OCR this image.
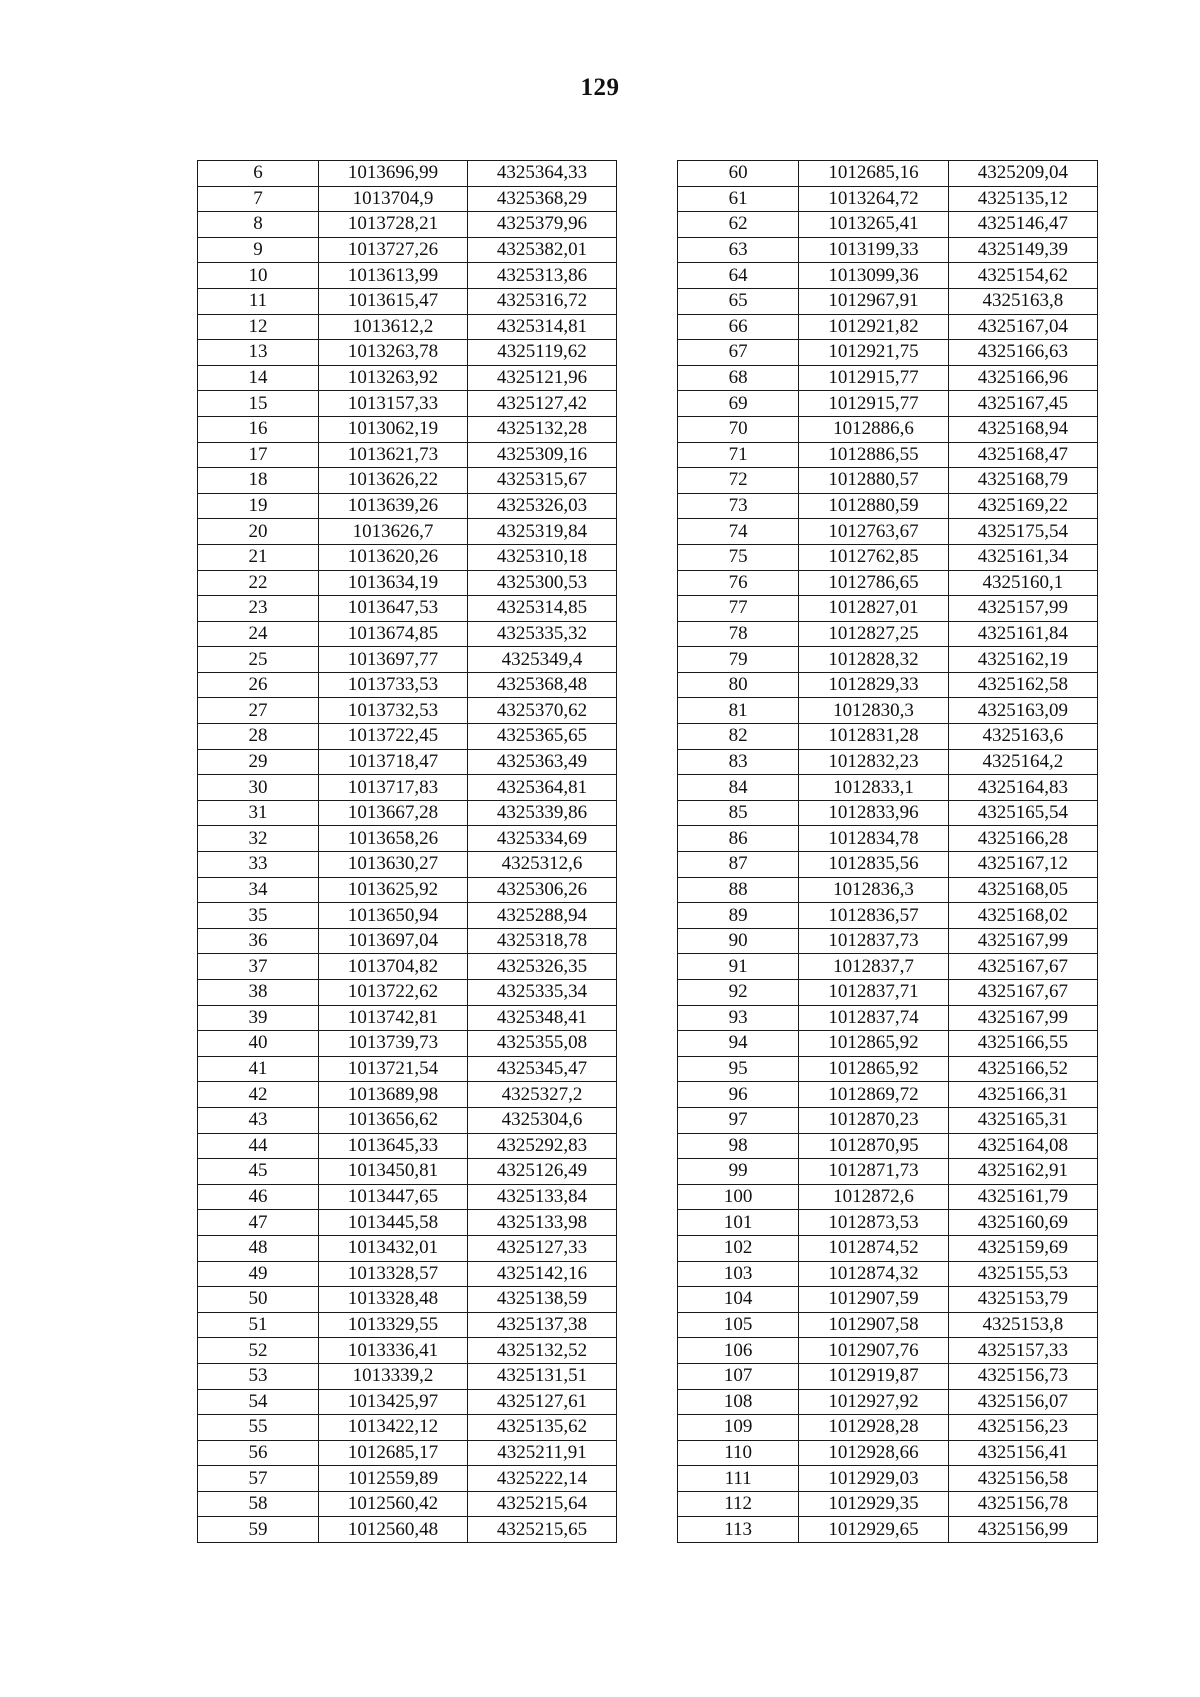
129
6	1013696,99	4325364,33
7	1013704,9	4325368,29
8	1013728,21	4325379,96
9	1013727,26	4325382,01
10	1013613,99	4325313,86
11	1013615,47	4325316,72
12	1013612,2	4325314,81
13	1013263,78	4325119,62
14	1013263,92	4325121,96
15	1013157,33	4325127,42
16	1013062,19	4325132,28
17	1013621,73	4325309,16
18	1013626,22	4325315,67
19	1013639,26	4325326,03
20	1013626,7	4325319,84
21	1013620,26	4325310,18
22	1013634,19	4325300,53
23	1013647,53	4325314,85
24	1013674,85	4325335,32
25	1013697,77	4325349,4
26	1013733,53	4325368,48
27	1013732,53	4325370,62
28	1013722,45	4325365,65
29	1013718,47	4325363,49
30	1013717,83	4325364,81
31	1013667,28	4325339,86
32	1013658,26	4325334,69
33	1013630,27	4325312,6
34	1013625,92	4325306,26
35	1013650,94	4325288,94
36	1013697,04	4325318,78
37	1013704,82	4325326,35
38	1013722,62	4325335,34
39	1013742,81	4325348,41
40	1013739,73	4325355,08
41	1013721,54	4325345,47
42	1013689,98	4325327,2
43	1013656,62	4325304,6
44	1013645,33	4325292,83
45	1013450,81	4325126,49
46	1013447,65	4325133,84
47	1013445,58	4325133,98
48	1013432,01	4325127,33
49	1013328,57	4325142,16
50	1013328,48	4325138,59
51	1013329,55	4325137,38
52	1013336,41	4325132,52
53	1013339,2	4325131,51
54	1013425,97	4325127,61
55	1013422,12	4325135,62
56	1012685,17	4325211,91
57	1012559,89	4325222,14
58	1012560,42	4325215,64
59	1012560,48	4325215,65
60	1012685,16	4325209,04
61	1013264,72	4325135,12
62	1013265,41	4325146,47
63	1013199,33	4325149,39
64	1013099,36	4325154,62
65	1012967,91	4325163,8
66	1012921,82	4325167,04
67	1012921,75	4325166,63
68	1012915,77	4325166,96
69	1012915,77	4325167,45
70	1012886,6	4325168,94
71	1012886,55	4325168,47
72	1012880,57	4325168,79
73	1012880,59	4325169,22
74	1012763,67	4325175,54
75	1012762,85	4325161,34
76	1012786,65	4325160,1
77	1012827,01	4325157,99
78	1012827,25	4325161,84
79	1012828,32	4325162,19
80	1012829,33	4325162,58
81	1012830,3	4325163,09
82	1012831,28	4325163,6
83	1012832,23	4325164,2
84	1012833,1	4325164,83
85	1012833,96	4325165,54
86	1012834,78	4325166,28
87	1012835,56	4325167,12
88	1012836,3	4325168,05
89	1012836,57	4325168,02
90	1012837,73	4325167,99
91	1012837,7	4325167,67
92	1012837,71	4325167,67
93	1012837,74	4325167,99
94	1012865,92	4325166,55
95	1012865,92	4325166,52
96	1012869,72	4325166,31
97	1012870,23	4325165,31
98	1012870,95	4325164,08
99	1012871,73	4325162,91
100	1012872,6	4325161,79
101	1012873,53	4325160,69
102	1012874,52	4325159,69
103	1012874,32	4325155,53
104	1012907,59	4325153,79
105	1012907,58	4325153,8
106	1012907,76	4325157,33
107	1012919,87	4325156,73
108	1012927,92	4325156,07
109	1012928,28	4325156,23
110	1012928,66	4325156,41
111	1012929,03	4325156,58
112	1012929,35	4325156,78
113	1012929,65	4325156,99
